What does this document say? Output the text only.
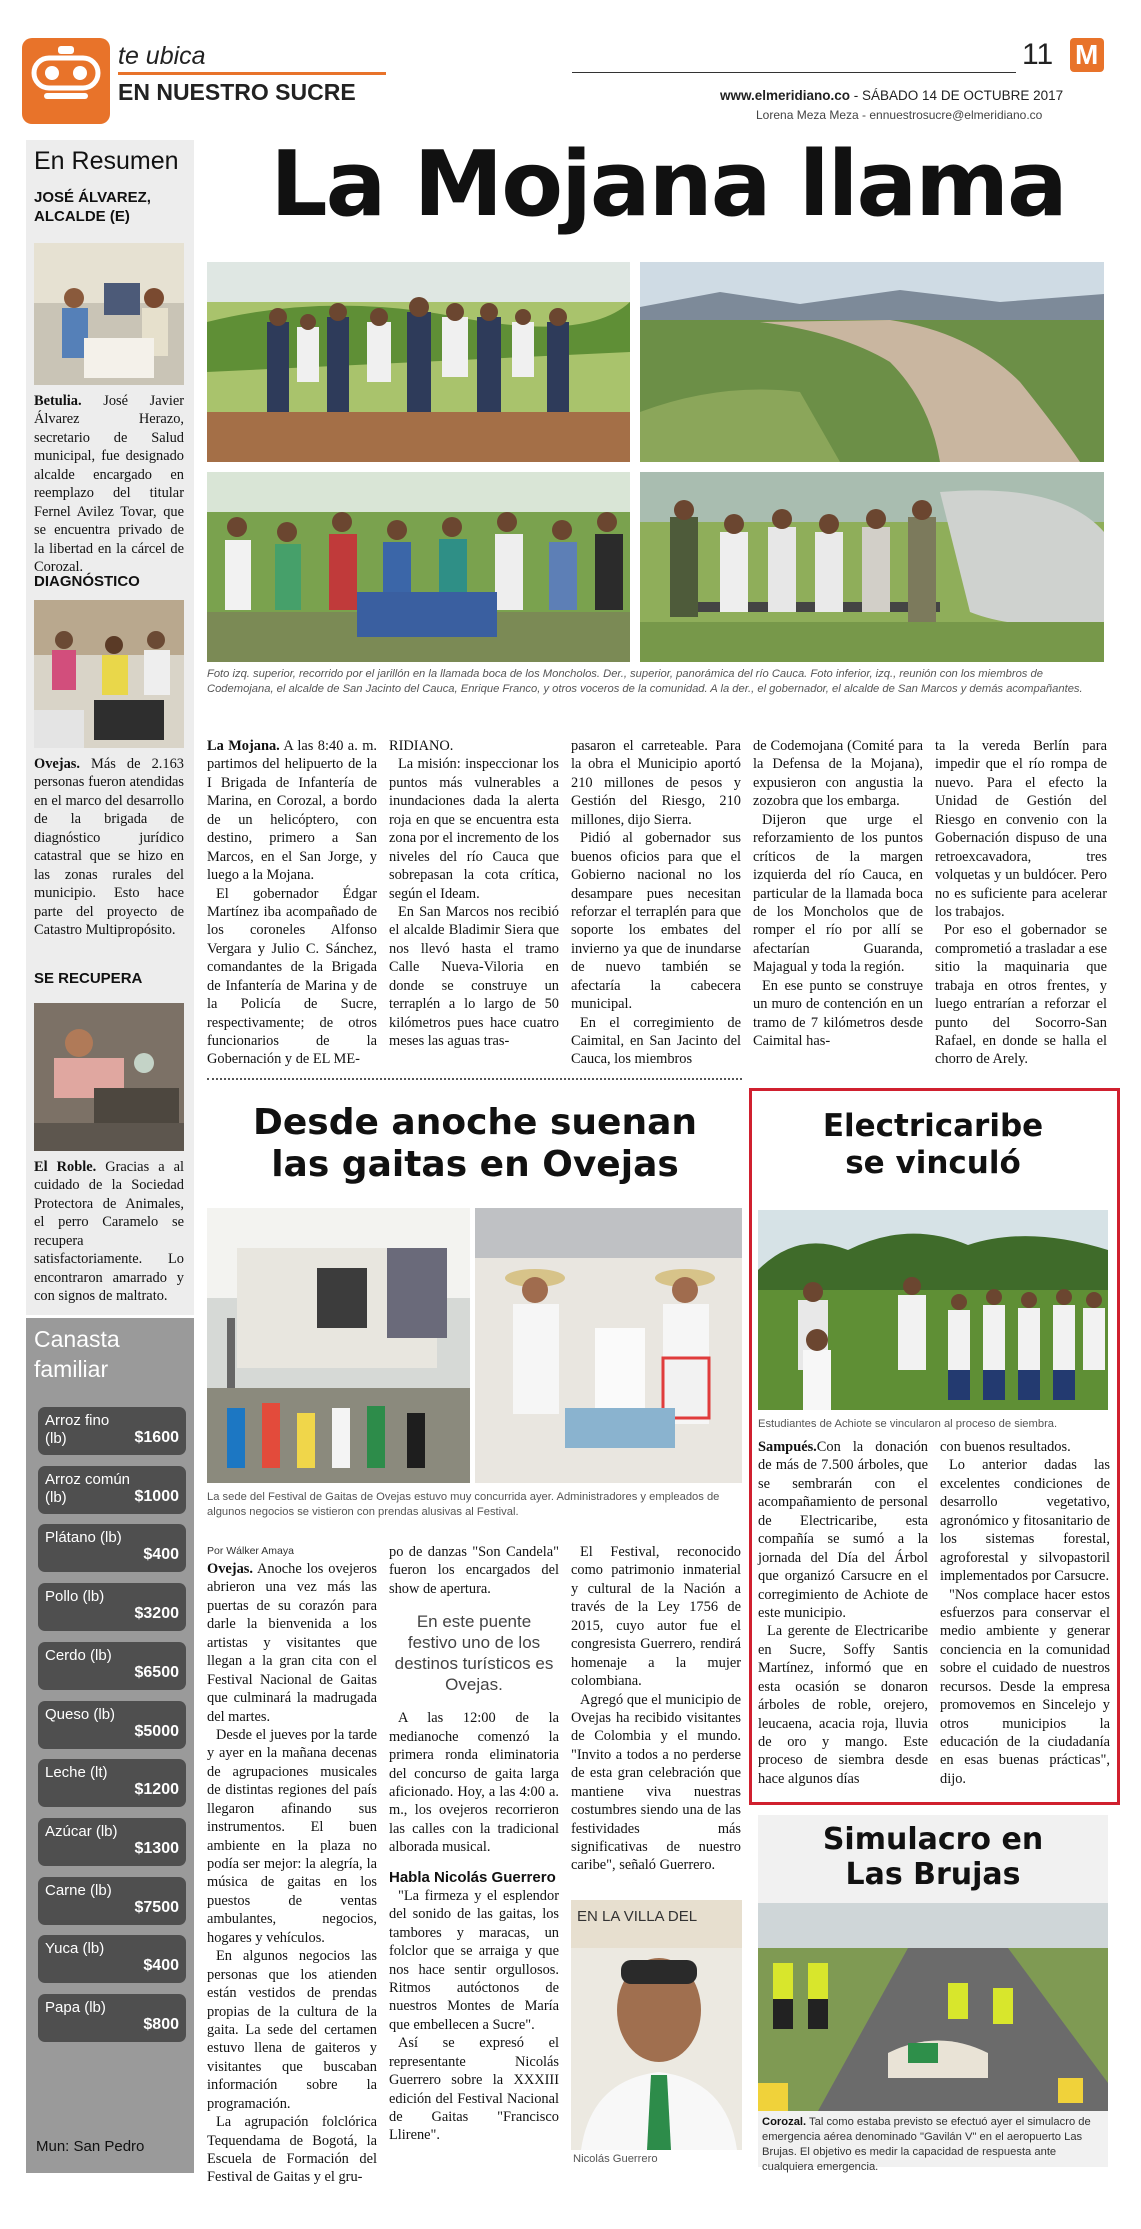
te ubica
EN NUESTRO SUCRE
11 M
www.elmeridiano.co - SÁBADO 14 DE OCTUBRE 2017
Lorena Meza Meza - ennuestrosucre@elmeridiano.co
En Resumen
JOSÉ ÁLVAREZ, ALCALDE (E)
Betulia. José Javier Álvarez Herazo, secretario de Salud municipal, fue designado alcalde encargado en reemplazo del titular Fernel Avilez Tovar, que se encuentra privado de la libertad en la cárcel de Corozal.
DIAGNÓSTICO
Ovejas. Más de 2.163 personas fueron atendidas en el marco del desarrollo de la brigada de diagnóstico jurídico catastral que se hizo en las zonas rurales del municipio. Esto hace parte del proyecto de Catastro Multipropósito.
SE RECUPERA
El Roble. Gracias a al cuidado de la Sociedad Protectora de Animales, el perro Caramelo se recupera satisfactoriamente. Lo encontraron amarrado y con signos de maltrato.
Canasta
familiar
Arroz fino (lb)	$1600
Arroz común (lb)	$1000
Plátano (lb)
$400
Pollo (lb)
$3200
Cerdo (lb)
$6500
Queso (lb)
$5000
Leche (lt)
$1200
Azúcar (lb)
$1300
Carne (lb)
$7500
Yuca (lb)
$400
Papa (lb)
$800
Mun: San Pedro
La Mojana llama
Foto izq. superior, recorrido por el jarillón en la llamada boca de los Moncholos. Der., superior, panorámica del río Cauca. Foto inferior, izq., reunión con los miembros de Codemojana, el alcalde de San Jacinto del Cauca, Enrique Franco, y otros voceros de la comunidad. A la der., el gobernador, el alcalde de San Marcos y demás acompañantes.

La Mojana. A las 8:40 a. m. partimos del helipuerto de la I Brigada de Infantería de Marina, en Corozal, a bordo de un helicóptero, con destino, primero a San Marcos, en el San Jorge, y luego a la Mojana.

El gobernador Édgar Martínez iba acompañado de los coroneles Alfonso Vergara y Julio C. Sánchez, comandantes de la Brigada de Infantería de Marina y de la Policía de Sucre, respectivamente; de otros funcionarios de la Gobernación y de EL ME-

RIDIANO.

La misión: inspeccionar los puntos más vulnerables a inundaciones dada la alerta roja en que se encuentra esta zona por el incremento de los niveles del río Cauca que sobrepasan la cota crítica, según el Ideam.

En San Marcos nos recibió el alcalde Bladimir Siera que nos llevó hasta el tramo Calle Nueva-Viloria en donde se construye un terraplén a lo largo de 50 kilómetros pues hace cuatro meses las aguas tras-

pasaron el carreteable. Para la obra el Municipio aportó 210 millones de pesos y Gestión del Riesgo, 210 millones, dijo Sierra.

Pidió al gobernador sus buenos oficios para que el Gobierno nacional no los desampare pues necesitan reforzar el terraplén para que soporte los embates del invierno ya que de inundarse de nuevo también se afectaría la cabecera municipal.

En el corregimiento de Caimital, en San Jacinto del Cauca, los miembros

de Codemojana (Comité para la Defensa de la Mojana), expusieron con angustia la zozobra que los embarga.

Dijeron que urge el reforzamiento de los puntos críticos de la margen izquierda del río Cauca, en particular de la llamada boca de los Moncholos que de romper el río por allí se afectarían Guaranda, Majagual y toda la región.

En ese punto se construye un muro de contención en un tramo de 7 kilómetros desde Caimital has-

ta la vereda Berlín para impedir que el río rompa de nuevo. Para el efecto la Unidad de Gestión del Riesgo en convenio con la Gobernación dispuso de una retroexcavadora, tres volquetas y un buldócer. Pero no es suficiente para acelerar los trabajos.

Por eso el gobernador se comprometió a trasladar a ese sitio la maquinaria que trabaja en otros frentes, y luego entrarían a reforzar el punto del Socorro-San Rafael, en donde se halla el chorro de Arely.

Desde anoche suenan
las gaitas en Ovejas
La sede del Festival de Gaitas de Ovejas estuvo muy concurrida ayer. Administradores y empleados de algunos negocios se vistieron con prendas alusivas al Festival.
Por Wálker Amaya

Ovejas. Anoche los ovejeros abrieron una vez más las puertas de su corazón para darle la bienvenida a los artistas y visitantes que llegan a la gran cita con el Festival Nacional de Gaitas que culminará la madrugada del martes.

Desde el jueves por la tarde y ayer en la mañana decenas de agrupaciones musicales de distintas regiones del país llegaron afinando sus instrumentos. El buen ambiente en la plaza no podía ser mejor: la alegría, la música de gaitas en los puestos de ventas ambulantes, negocios, hogares y vehículos.

En algunos negocios las personas que los atienden están vestidos de prendas propias de la cultura de la gaita. La sede del certamen estuvo llena de gaiteros y visitantes que buscaban información sobre la programación.

La agrupación folclórica Tequendama de Bogotá, la Escuela de Formación del Festival de Gaitas y el gru-

po de danzas "Son Candela" fueron los encargados del show de apertura.

En este puente festivo uno de los destinos turísticos es Ovejas.

A las 12:00 de la medianoche comenzó la primera ronda eliminatoria del concurso de gaita larga aficionado. Hoy, a las 4:00 a. m., los ovejeros recorrieron las calles con la tradicional alborada musical.

Habla Nicolás Guerrero

"La firmeza y el esplendor del sonido de las gaitas, los tambores y maracas, un folclor que se arraiga y que nos hace sentir orgullosos. Ritmos autóctonos de nuestros Montes de María que embellecen a Sucre".

Así se expresó el representante Nicolás Guerrero sobre la XXXIII edición del Festival Nacional de Gaitas "Francisco Llirene".

El Festival, reconocido como patrimonio inmaterial y cultural de la Nación a través de la Ley 1756 de 2015, cuyo autor fue el congresista Guerrero, rendirá homenaje a la mujer colombiana.

Agregó que el municipio de Ovejas ha recibido visitantes de Colombia y el mundo. "Invito a todos a no perderse de esta gran celebración que mantiene viva nuestras costumbres siendo una de las festividades más significativas de nuestro caribe", señaló Guerrero.

EN LA VILLA DEL
Nicolás Guerrero
Electricaribe
se vinculó
Estudiantes de Achiote se vincularon al proceso de siembra.

Sampués.Con la donación de más de 7.500 árboles, que se sembrarán con el acompañamiento de personal de Electricaribe, esta compañía se sumó a la jornada del Día del Árbol que organizó Carsucre en el corregimiento de Achiote de este municipio.

La gerente de Electricaribe en Sucre, Soffy Santis Martínez, informó que en esta ocasión se donaron árboles de roble, orejero, leucaena, acacia roja, lluvia de oro y mango. Este proceso de siembra desde hace algunos días

con buenos resultados.

Lo anterior dadas las excelentes condiciones de desarrollo vegetativo, agronómico y fitosanitario de los sistemas forestal, agroforestal y silvopastoril implementados por Carsucre.

"Nos complace hacer estos esfuerzos para conservar el medio ambiente y generar conciencia en la comunidad sobre el cuidado de nuestros recursos. Desde la empresa promovemos en Sincelejo y otros municipios la educación de la ciudadanía en esas buenas prácticas", dijo.

Simulacro en
Las Brujas
Corozal. Tal como estaba previsto se efectuó ayer el simulacro de emergencia aérea denominado "Gavilán V" en el aeropuerto Las Brujas. El objetivo es medir la capacidad de respuesta ante cualquiera emergencia.
